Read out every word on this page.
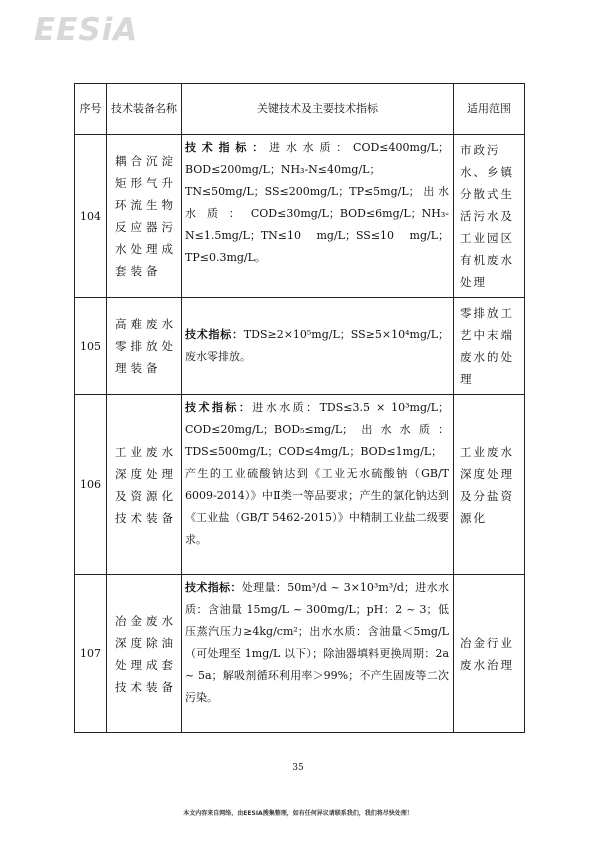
EESiA
序号	技术装备名称	关键技术及主要技术指标	适用范围
104	耦合沉淀矩形气升环流生物反应器污水处理成套装备	技术指标：进水水质：COD≤400mg/L；BOD≤200mg/L；NH₃-N≤40mg/L；TN≤50mg/L；SS≤200mg/L；TP≤5mg/L；出水水质：COD≤30mg/L；BOD≤6mg/L；NH₃-N≤1.5mg/L；TN≤10 mg/L；SS≤10 mg/L；TP≤0.3mg/L。	市政污水、乡镇分散式生活污水及工业园区有机废水处理
105	高难废水零排放处理装备	技术指标：TDS≥2×10⁵mg/L；SS≥5×10⁴mg/L；废水零排放。	零排放工艺中末端废水的处理
106	工业废水深度处理及资源化技术装备	技术指标：进水水质：TDS≤3.5 × 10³mg/L；COD≤20mg/L；BOD₅≤mg/L；出水水质：TDS≤500mg/L；COD≤4mg/L；BOD≤1mg/L；产生的工业硫酸钠达到《工业无水硫酸钠（GB/T 6009-2014）》中Ⅱ类一等品要求；产生的氯化钠达到《工业盐（GB/T 5462-2015）》中精制工业盐二级要求。	工业废水深度处理及分盐资源化
107	冶金废水深度除油处理成套技术装备	技术指标：处理量：50m³/d ~ 3×10³m³/d；进水水质：含油量 15mg/L ~ 300mg/L；pH：2 ~ 3；低压蒸汽压力≥4kg/cm²；出水水质：含油量＜5mg/L（可处理至 1mg/L 以下）；除油器填料更换周期：2a ~ 5a；解吸剂循环利用率＞99%；不产生固废等二次污染。	冶金行业废水治理
35
本文内容来自网络，由EESIA搜集整理，如有任何异议请联系我们，我们将尽快处理！
